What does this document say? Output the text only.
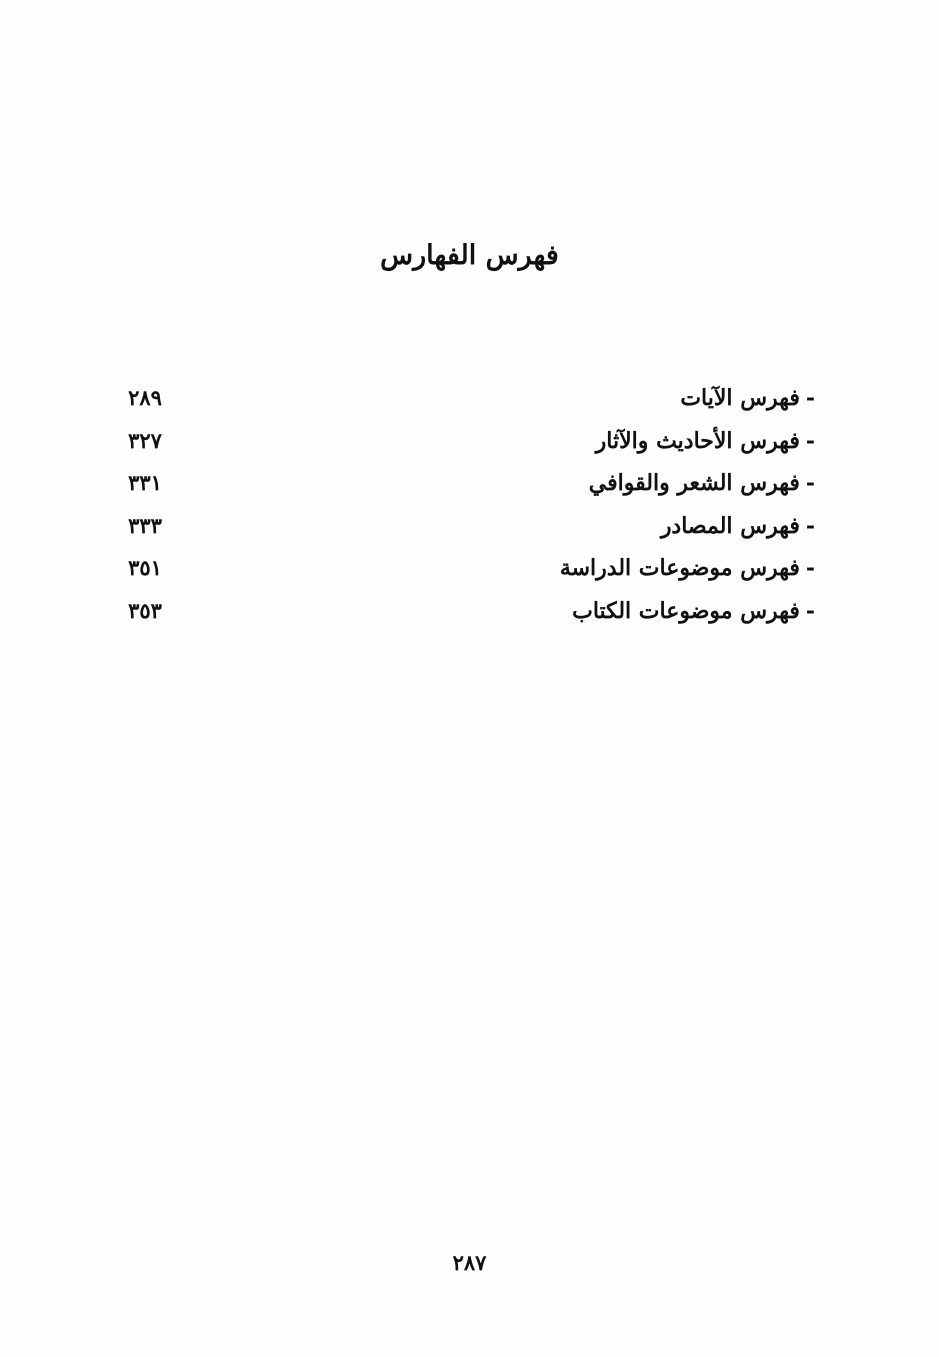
فهرس الفهارس
-فهرس الآيات
٢٨٩
-فهرس الأحاديث والآثار
٣٢٧
-فهرس الشعر والقوافي
٣٣١
-فهرس المصادر
٣٣٣
-فهرس موضوعات الدراسة
٣٥١
-فهرس موضوعات الكتاب
٣٥٣
٢٨٧
